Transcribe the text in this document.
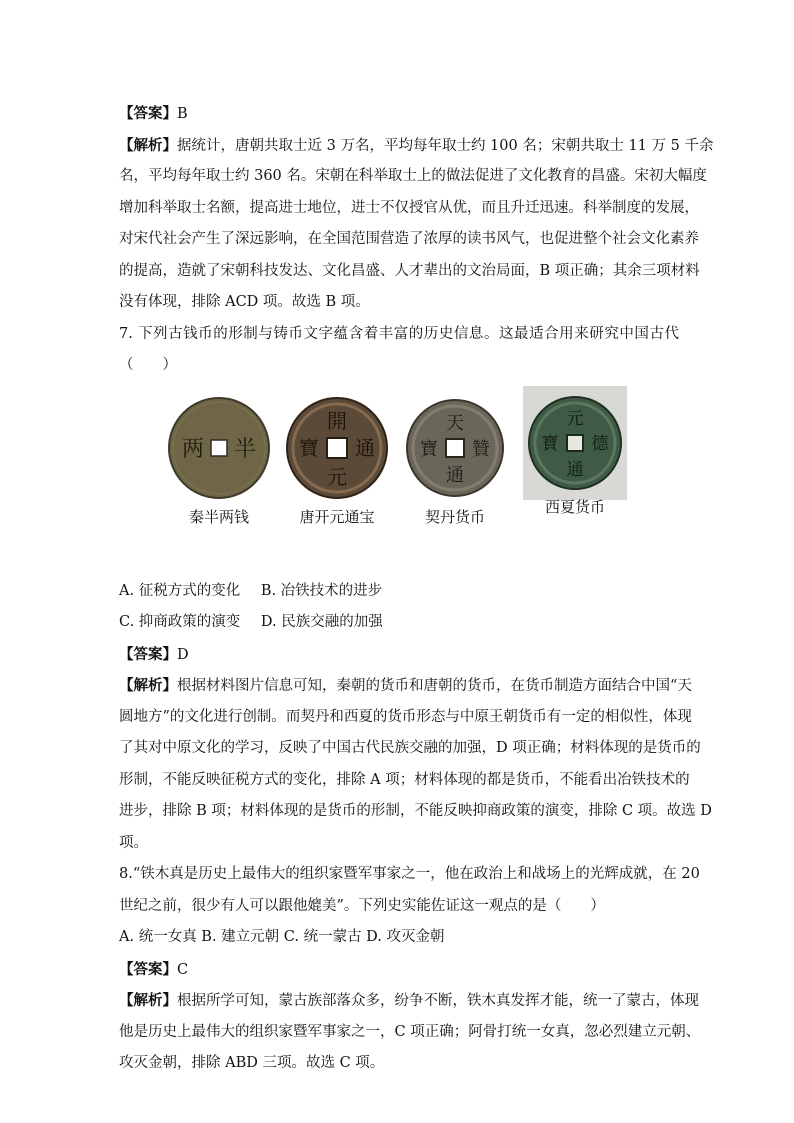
【答案】B
【解析】据统计，唐朝共取士近 3 万名，平均每年取士约 100 名；宋朝共取士 11 万 5 千余
名，平均每年取士约 360 名。宋朝在科举取士上的做法促进了文化教育的昌盛。宋初大幅度
增加科举取士名额，提高进士地位，进士不仅授官从优，而且升迁迅速。科举制度的发展，
对宋代社会产生了深远影响，在全国范围营造了浓厚的读书风气，也促进整个社会文化素养
的提高，造就了宋朝科技发达、文化昌盛、人才辈出的文治局面，B 项正确；其余三项材料
没有体现，排除 ACD 项。故选 B 项。
7. 下列古钱币的形制与铸币文字蕴含着丰富的历史信息。这最适合用来研究中国古代
（　　）
两 半
秦半两钱
開
通
元
寶
唐开元通宝
天
贊
通
寶
契丹货币
元
德
通
寶
西夏货币
A. 征税方式的变化 B. 冶铁技术的进步
C. 抑商政策的演变 D. 民族交融的加强
【答案】D
【解析】根据材料图片信息可知，秦朝的货币和唐朝的货币，在货币制造方面结合中国“天
圆地方”的文化进行创制。而契丹和西夏的货币形态与中原王朝货币有一定的相似性，体现
了其对中原文化的学习，反映了中国古代民族交融的加强，D 项正确；材料体现的是货币的
形制，不能反映征税方式的变化，排除 A 项；材料体现的都是货币，不能看出冶铁技术的
进步，排除 B 项；材料体现的是货币的形制，不能反映抑商政策的演变，排除 C 项。故选 D
项。
8.“铁木真是历史上最伟大的组织家暨军事家之一，他在政治上和战场上的光辉成就，在 20
世纪之前，很少有人可以跟他媲美”。下列史实能佐证这一观点的是（　　）
A. 统一女真 B. 建立元朝 C. 统一蒙古 D. 攻灭金朝
【答案】C
【解析】根据所学可知，蒙古族部落众多，纷争不断，铁木真发挥才能，统一了蒙古，体现
他是历史上最伟大的组织家暨军事家之一，C 项正确；阿骨打统一女真，忽必烈建立元朝、
攻灭金朝，排除 ABD 三项。故选 C 项。
